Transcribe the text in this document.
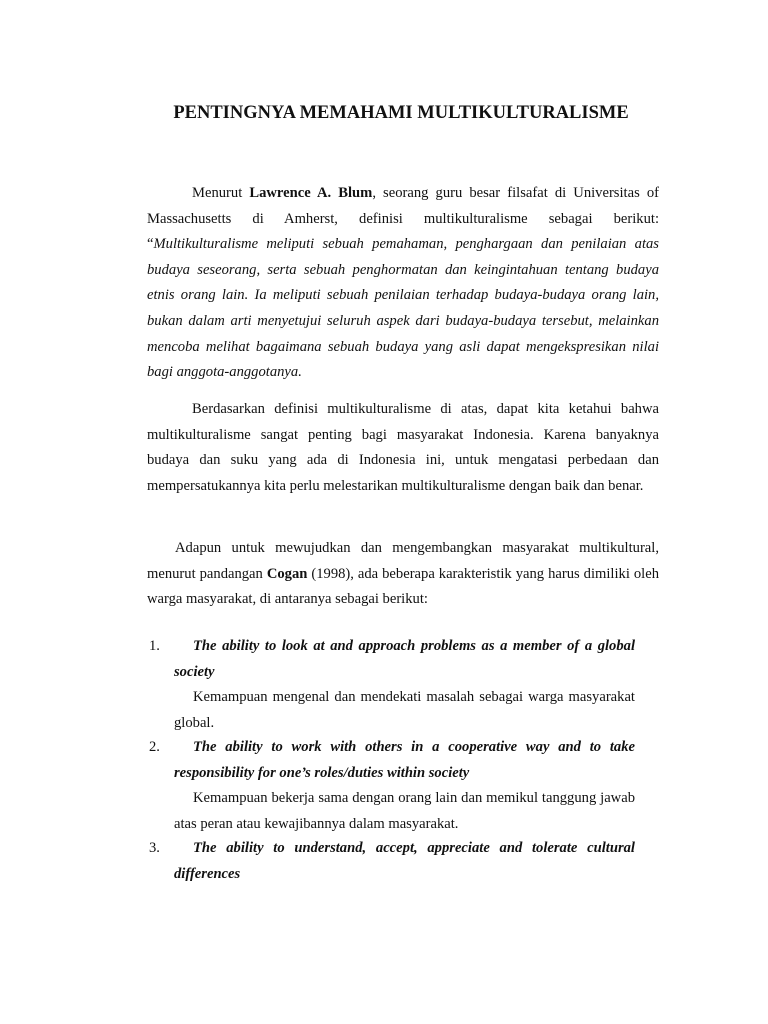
PENTINGNYA MEMAHAMI MULTIKULTURALISME

Menurut Lawrence A. Blum, seorang guru besar filsafat di Universitas of Massachusetts di Amherst, definisi multikulturalisme sebagai berikut: “Multikulturalisme meliputi sebuah pemahaman, penghargaan dan penilaian atas budaya seseorang, serta sebuah penghormatan dan keingintahuan tentang budaya etnis orang lain. Ia meliputi sebuah penilaian terhadap budaya-budaya orang lain, bukan dalam arti menyetujui seluruh aspek dari budaya-budaya tersebut, melainkan mencoba melihat bagaimana sebuah budaya yang asli dapat mengekspresikan nilai bagi anggota-anggotanya.

Berdasarkan definisi multikulturalisme di atas, dapat kita ketahui bahwa multikulturalisme sangat penting bagi masyarakat Indonesia. Karena banyaknya budaya dan suku yang ada di Indonesia ini, untuk mengatasi perbedaan dan mempersatukannya kita perlu melestarikan multikulturalisme dengan baik dan benar.

Adapun untuk mewujudkan dan mengembangkan masyarakat multikultural, menurut pandangan Cogan (1998), ada beberapa karakteristik yang harus dimiliki oleh warga masyarakat, di antaranya sebagai berikut:

1.	The ability to look at and approach problems as a member of a global society
Kemampuan mengenal dan mendekati masalah sebagai warga masyarakat global.
2.	The ability to work with others in a cooperative way and to take responsibility for one’s roles/duties within society
Kemampuan bekerja sama dengan orang lain dan memikul tanggung jawab atas peran atau kewajibannya dalam masyarakat.
3.	The ability to understand, accept, appreciate and tolerate cultural differences
